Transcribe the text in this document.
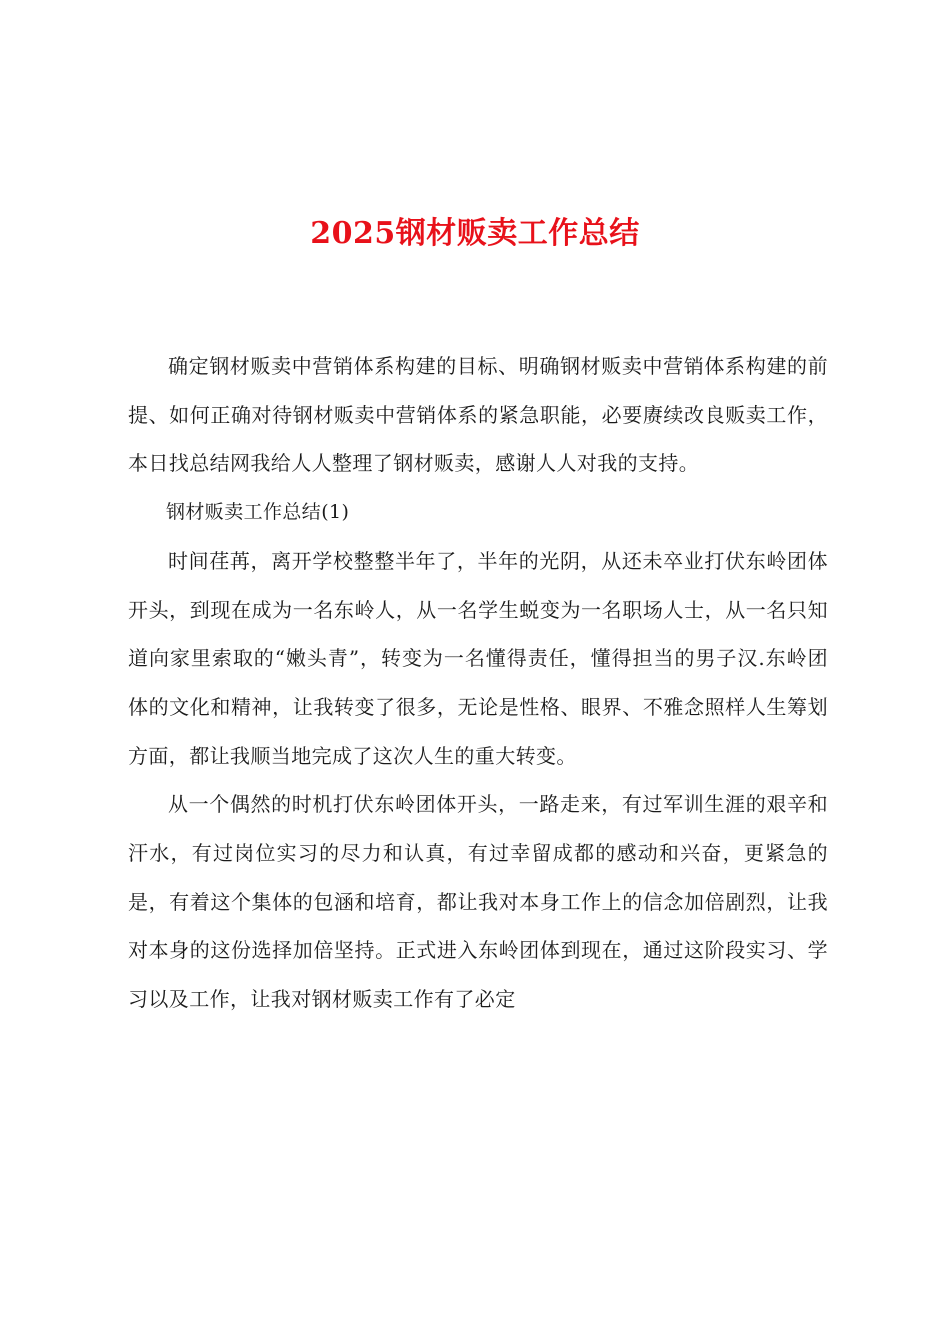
2025钢材贩卖工作总结

确定钢材贩卖中营销体系构建的目标、明确钢材贩卖中营销体系构建的前提、如何正确对待钢材贩卖中营销体系的紧急职能，必要赓续改良贩卖工作，本日找总结网我给人人整理了钢材贩卖，感谢人人对我的支持。

钢材贩卖工作总结(1)

时间荏苒，离开学校整整半年了，半年的光阴，从还未卒业打伏东岭团体开头，到现在成为一名东岭人，从一名学生蜕变为一名职场人士，从一名只知道向家里索取的“嫩头青”，转变为一名懂得责任，懂得担当的男子汉.东岭团体的文化和精神，让我转变了很多，无论是性格、眼界、不雅念照样人生筹划方面，都让我顺当地完成了这次人生的重大转变。

从一个偶然的时机打伏东岭团体开头，一路走来，有过军训生涯的艰辛和汗水，有过岗位实习的尽力和认真，有过幸留成都的感动和兴奋，更紧急的是，有着这个集体的包涵和培育，都让我对本身工作上的信念加倍剧烈，让我对本身的这份选择加倍坚持。正式进入东岭团体到现在，通过这阶段实习、学习以及工作，让我对钢材贩卖工作有了必定
